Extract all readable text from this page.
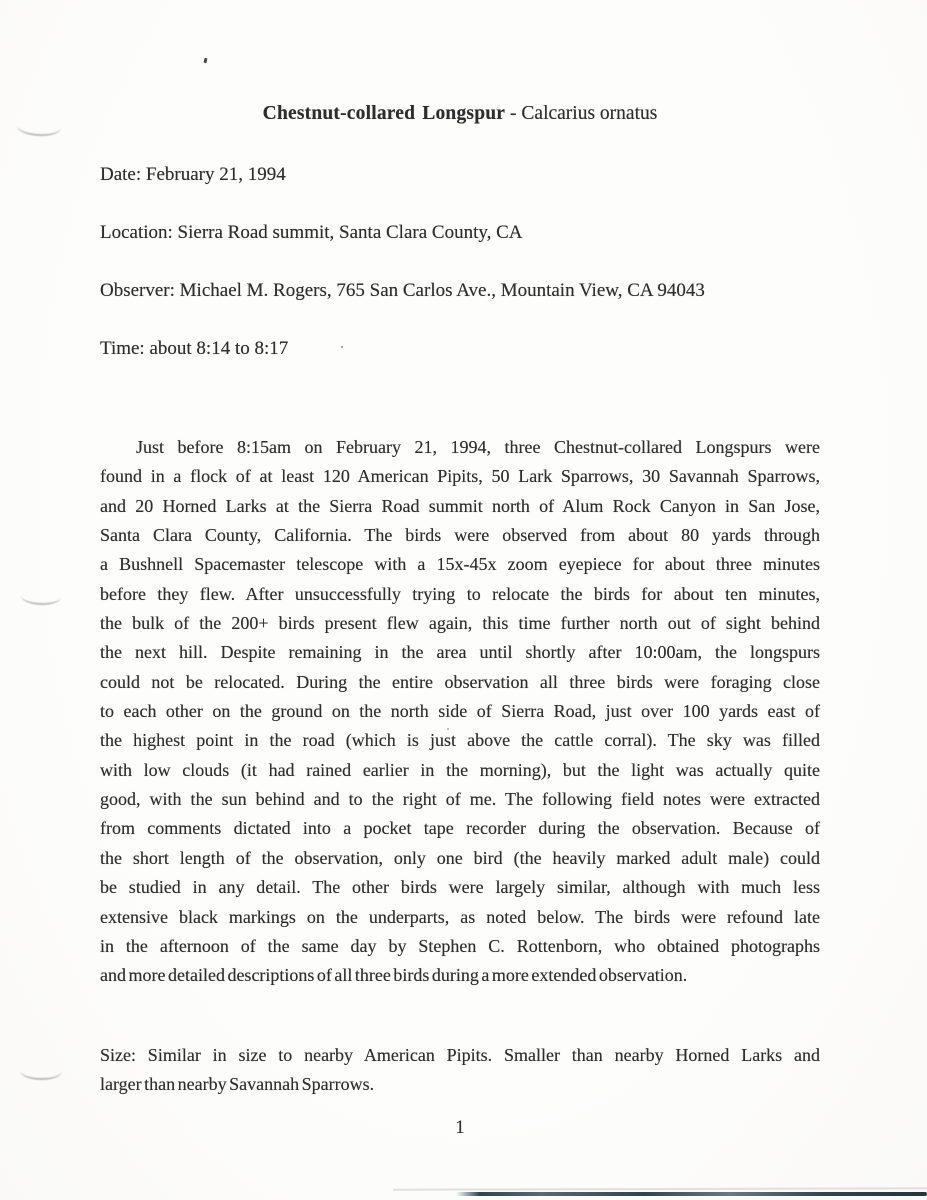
Chestnut-collared Longspur - Calcarius ornatus
Date: February 21, 1994
Location: Sierra Road summit, Santa Clara County, CA
Observer: Michael M. Rogers, 765 San Carlos Ave., Mountain View, CA 94043
Time: about 8:14 to 8:17
Just before 8:15am on February 21, 1994, three Chestnut-collared Longspurs were
found in a flock of at least 120 American Pipits, 50 Lark Sparrows, 30 Savannah Sparrows,
and 20 Horned Larks at the Sierra Road summit north of Alum Rock Canyon in San Jose,
Santa Clara County, California. The birds were observed from about 80 yards through
a Bushnell Spacemaster telescope with a 15x-45x zoom eyepiece for about three minutes
before they flew. After unsuccessfully trying to relocate the birds for about ten minutes,
the bulk of the 200+ birds present flew again, this time further north out of sight behind
the next hill. Despite remaining in the area until shortly after 10:00am, the longspurs
could not be relocated. During the entire observation all three birds were foraging close
to each other on the ground on the north side of Sierra Road, just over 100 yards east of
the highest point in the road (which is just above the cattle corral). The sky was filled
with low clouds (it had rained earlier in the morning), but the light was actually quite
good, with the sun behind and to the right of me. The following field notes were extracted
from comments dictated into a pocket tape recorder during the observation. Because of
the short length of the observation, only one bird (the heavily marked adult male) could
be studied in any detail. The other birds were largely similar, although with much less
extensive black markings on the underparts, as noted below. The birds were refound late
in the afternoon of the same day by Stephen C. Rottenborn, who obtained photographs
and more detailed descriptions of all three birds during a more extended observation.
Size: Similar in size to nearby American Pipits. Smaller than nearby Horned Larks and
larger than nearby Savannah Sparrows.
1
